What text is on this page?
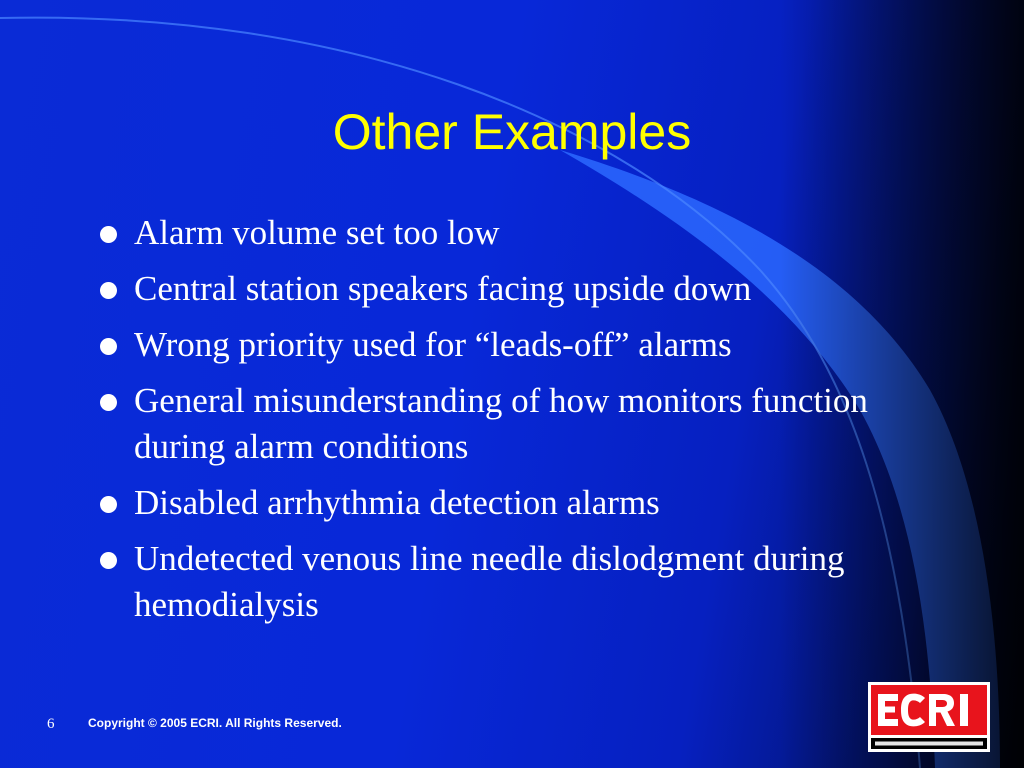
Other Examples
Alarm volume set too low
Central station speakers facing upside down
Wrong priority used for “leads-off” alarms
General misunderstanding of how monitors function during alarm conditions
Disabled arrhythmia detection alarms
Undetected venous line needle dislodgment during hemodialysis
6	Copyright © 2005 ECRI. All Rights Reserved.
